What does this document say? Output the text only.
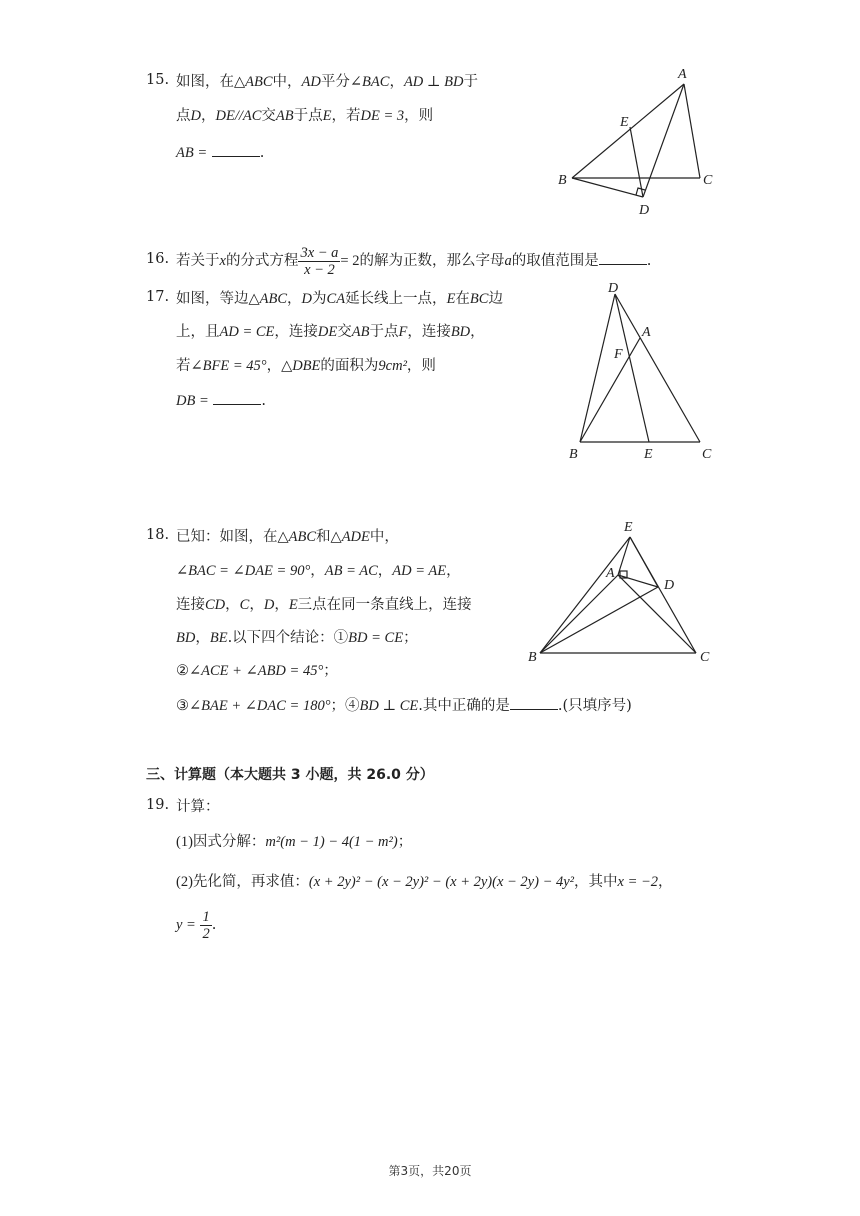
15. 如图，在△ABC中，AD平分∠BAC，AD ⊥ BD于
点D，DE//AC交AB于点E，若DE = 3，则
AB =	.
A
B	C
D
E
16. 若关于x的分式方程 $\frac{3x - a}{x - 2} = 2$的解为正数，那么字母a的取值范围是	.
17. 如图，等边△ABC，D为CA延长线上一点，E在BC边
上，且AD = CE，连接DE交AB于点F，连接BD，
若∠BFE = 45°，△DBE的面积为9cm²，则
DB =	.
D
A
F
B	E	C
18. 已知：如图，在△ABC和△ADE中，
∠BAC = ∠DAE = 90°，AB = AC，AD = AE，
连接CD，C，D，E三点在同一条直线上，连接
BD，BE.以下四个结论：①BD = CE；
②∠ACE + ∠ABD = 45°；
③∠BAE + ∠DAC = 180°；④BD ⊥ CE.其中正确的是	.(只填序号)
E
A
D
B	C
三、计算题（本大题共 3 小题，共 26.0 分）
19. 计算：
(1)因式分解：m²(m − 1) − 4(1 − m²)；
(2)先化简，再求值：(x + 2y)² − (x − 2y)² − (x + 2y)(x − 2y) − 4y²，其中x = −2，
$y = \frac{1}{2}$ .
第3页，共20页
